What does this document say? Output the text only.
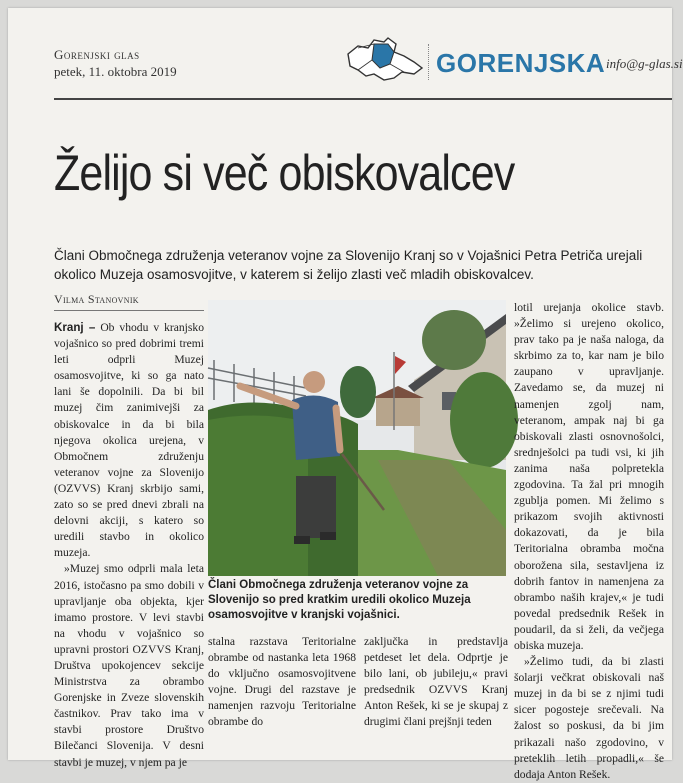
Gorenjski glas
petek, 11. oktobra 2019	GORENJSKA info@g-glas.si
Želijo si več obiskovalcev

Člani Območnega združenja veteranov vojne za Slovenijo Kranj so v Vojašnici Petra Petriča urejali okolico Muzeja osamosvojitve, v katerem si želijo zlasti več mladih obiskovalcev.

Vilma Stanovnik

Kranj – Ob vhodu v kranjsko vojašnico so pred dobrimi tremi leti odprli Muzej osamosvojitve, ki so ga nato lani še dopolnili. Da bi bil muzej čim zanimivejši za obiskovalce in da bi bila njegova okolica urejena, v Območnem združenju veteranov vojne za Slovenijo (OZVVS) Kranj skrbijo sami, zato so se pred dnevi zbrali na delovni akciji, s katero so uredili stavbo in okolico muzeja.

»Muzej smo odprli mala leta 2016, istočasno pa smo dobili v upravljanje oba objekta, kjer imamo prostore. V levi stavbi na vhodu v vojašnico so upravni prostori OZVVS Kranj, Društva upokojencev sekcije Ministrstva za obrambo Gorenjske in Zveze slovenskih častnikov. Prav tako ima v stavbi prostore Društvo Bilečanci Slovenija. V desni stavbi je muzej, v njem pa je

Člani Območnega združenja veteranov vojne za Slovenijo so pred kratkim uredili okolico Muzeja osamosvojitve v kranjski vojašnici.

stalna razstava Teritorialne obrambe od nastanka leta 1968 do vključno osamosvojitvene vojne. Drugi del razstave je namenjen razvoju Teritorialne obrambe do

zaključka in predstavlja petdeset let dela. Odprtje je bilo lani, ob jubileju,« pravi predsednik OZVVS Kranj Anton Rešek, ki se je skupaj z drugimi člani prejšnji teden

lotil urejanja okolice stavb. »Želimo si urejeno okolico, prav tako pa je naša naloga, da skrbimo za to, kar nam je bilo zaupano v upravljanje. Zavedamo se, da muzej ni namenjen zgolj nam, veteranom, ampak naj bi ga obiskovali zlasti osnovnošolci, srednješolci pa tudi vsi, ki jih zanima naša polpretekla zgodovina. Ta žal pri mnogih zgublja pomen. Mi želimo s prikazom svojih aktivnosti dokazovati, da je bila Teritorialna obramba močna oborožena sila, sestavljena iz dobrih fantov in namenjena za obrambo naših krajev,« je tudi povedal predsednik Rešek in poudaril, da si želi, da večjega obiska muzeja.

»Želimo tudi, da bi zlasti šolarji večkrat obiskovali naš muzej in da bi se z njimi tudi sicer pogosteje srečevali. Na žalost so poskusi, da bi jim prikazali našo zgodovino, v preteklih letih propadli,« še dodaja Anton Rešek.
